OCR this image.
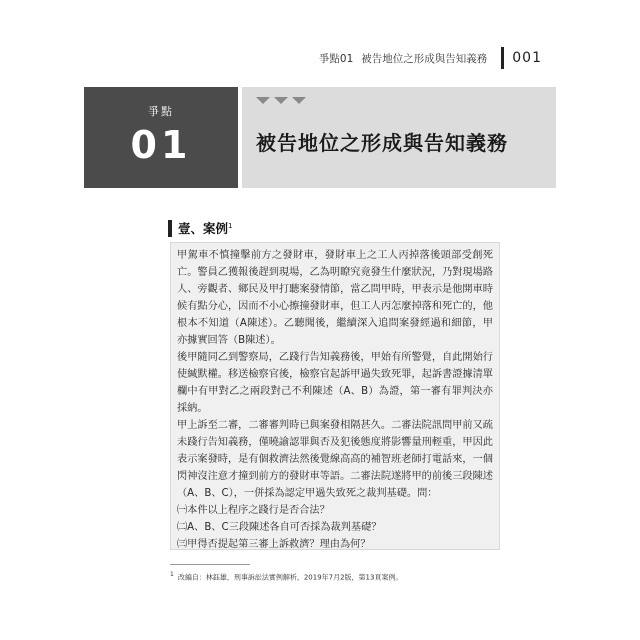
爭點01 被告地位之形成與告知義務 001
爭點
01	被告地位之形成與告知義務
壹、案例$^1$

甲駕車不慎撞擊前方之發財車，發財車上之工人丙掉落後頭部受創死亡。警員乙獲報後趕到現場，乙為明瞭究竟發生什麼狀況，乃對現場路人、旁觀者、鄉民及甲打聽案發情節，當乙問甲時，甲表示是他開車時候有點分心，因而不小心擦撞發財車，但工人丙怎麼掉落和死亡的，他根本不知道（A陳述）。乙聽聞後，繼續深入追問案發經過和細節，甲亦據實回答（B陳述）。

後甲隨同乙到警察局，乙踐行告知義務後，甲始有所警覺，自此開始行使緘默權。移送檢察官後，檢察官起訴甲過失致死罪，起訴書證據清單欄中有甲對乙之兩段對己不利陳述（A、B）為證，第一審有罪判決亦採納。

甲上訴至二審，二審審判時已與案發相隔甚久。二審法院訊問甲前又疏未踐行告知義務，僅曉諭認罪與否及犯後態度將影響量刑輕重，甲因此表示案發時，是有個救濟法然後覺線高高的補智班老師打電話來，一個閃神沒注意才撞到前方的發財車等語。二審法院遂將甲的前後三段陳述（A、B、C），一併採為認定甲過失致死之裁判基礎。問：

㈠本件以上程序之踐行是否合法？

㈡A、B、C三段陳述各自可否採為裁判基礎？

㈢甲得否提起第三審上訴救濟？理由為何？

$^1$ 改編自：林鈺雄，刑事訴訟法實例解析，2019年7月2版，第13頁案例。
